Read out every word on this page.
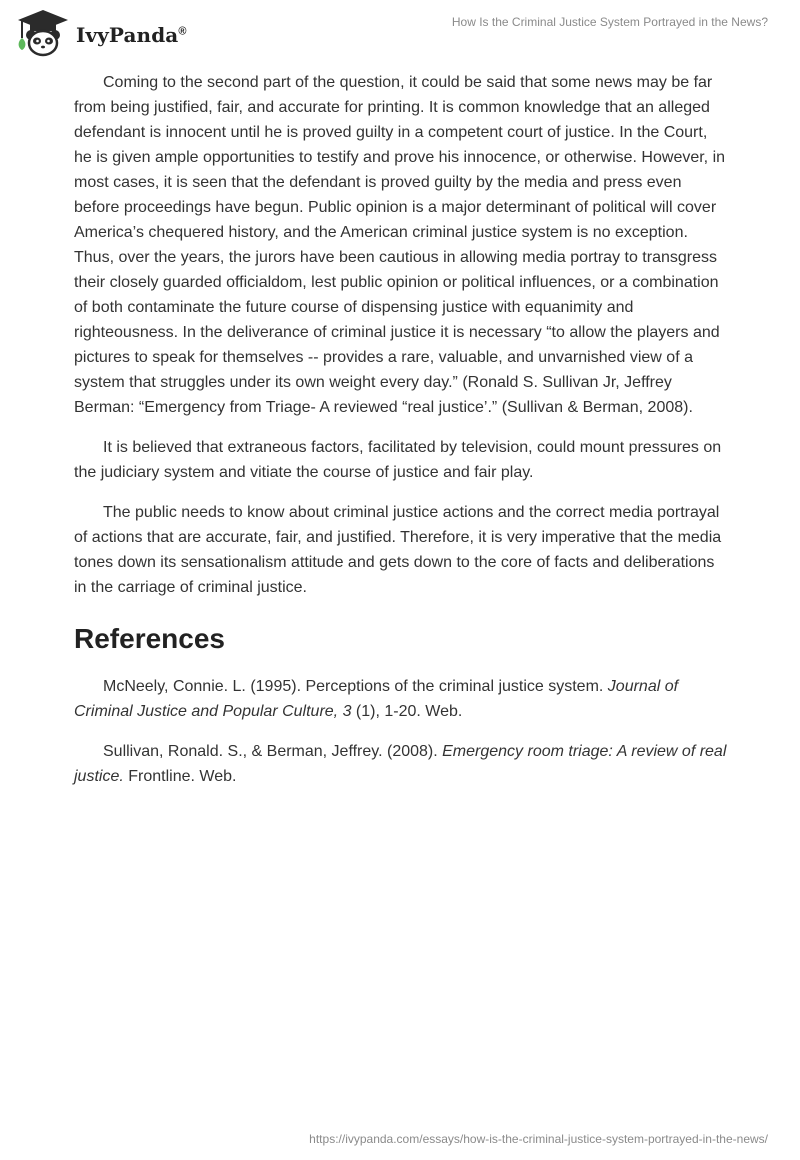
IvyPanda®
How Is the Criminal Justice System Portrayed in the News?

Coming to the second part of the question, it could be said that some news may be far from being justified, fair, and accurate for printing. It is common knowledge that an alleged defendant is innocent until he is proved guilty in a competent court of justice. In the Court, he is given ample opportunities to testify and prove his innocence, or otherwise. However, in most cases, it is seen that the defendant is proved guilty by the media and press even before proceedings have begun. Public opinion is a major determinant of political will cover America’s chequered history, and the American criminal justice system is no exception. Thus, over the years, the jurors have been cautious in allowing media portray to transgress their closely guarded officialdom, lest public opinion or political influences, or a combination of both contaminate the future course of dispensing justice with equanimity and righteousness. In the deliverance of criminal justice it is necessary “to allow the players and pictures to speak for themselves -- provides a rare, valuable, and unvarnished view of a system that struggles under its own weight every day.” (Ronald S. Sullivan Jr, Jeffrey Berman: “Emergency from Triage- A reviewed “real justice’.” (Sullivan & Berman, 2008).

It is believed that extraneous factors, facilitated by television, could mount pressures on the judiciary system and vitiate the course of justice and fair play.

The public needs to know about criminal justice actions and the correct media portrayal of actions that are accurate, fair, and justified. Therefore, it is very imperative that the media tones down its sensationalism attitude and gets down to the core of facts and deliberations in the carriage of criminal justice.

References

McNeely, Connie. L. (1995). Perceptions of the criminal justice system. Journal of Criminal Justice and Popular Culture, 3 (1), 1-20. Web.

Sullivan, Ronald. S., & Berman, Jeffrey. (2008). Emergency room triage: A review of real justice. Frontline. Web.

https://ivypanda.com/essays/how-is-the-criminal-justice-system-portrayed-in-the-news/
